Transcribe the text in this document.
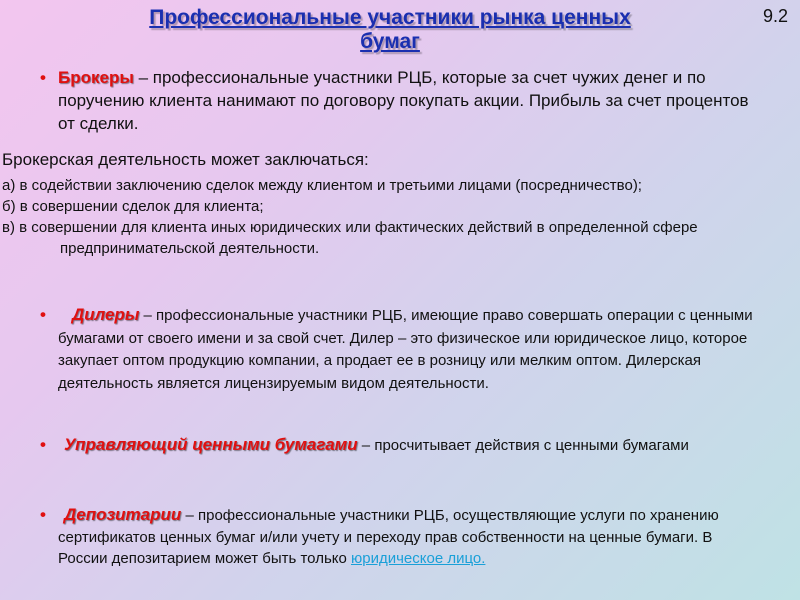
Профессиональные участники рынка ценных бумаг
9.2
• Брокеры – профессиональные участники РЦБ, которые за счет чужих денег и по    поручению клиента нанимают по договору покупать акции. Прибыль за счет процентов от сделки.
Брокерская деятельность может заключаться:
а) в содействии заключению сделок между клиентом и третьими лицами (посредничество);
б) в совершении сделок для клиента;
в) в совершении для клиента иных юридических или фактических действий в определенной сфере предпринимательской деятельности.
• Дилеры – профессиональные участники РЦБ, имеющие право совершать операции с ценными бумагами от своего имени и за свой счет. Дилер – это физическое или юридическое лицо, которое закупает оптом продукцию компании, а продает ее в розницу или мелким оптом. Дилерская деятельность является лицензируемым видом деятельности.
• Управляющий ценными бумагами – просчитывает действия с ценными бумагами
• Депозитарии – профессиональные участники РЦБ, осуществляющие услуги по хранению сертификатов ценных бумаг и/или учету и переходу прав собственности на ценные бумаги. В России депозитарием может быть только юридическое лицо.
